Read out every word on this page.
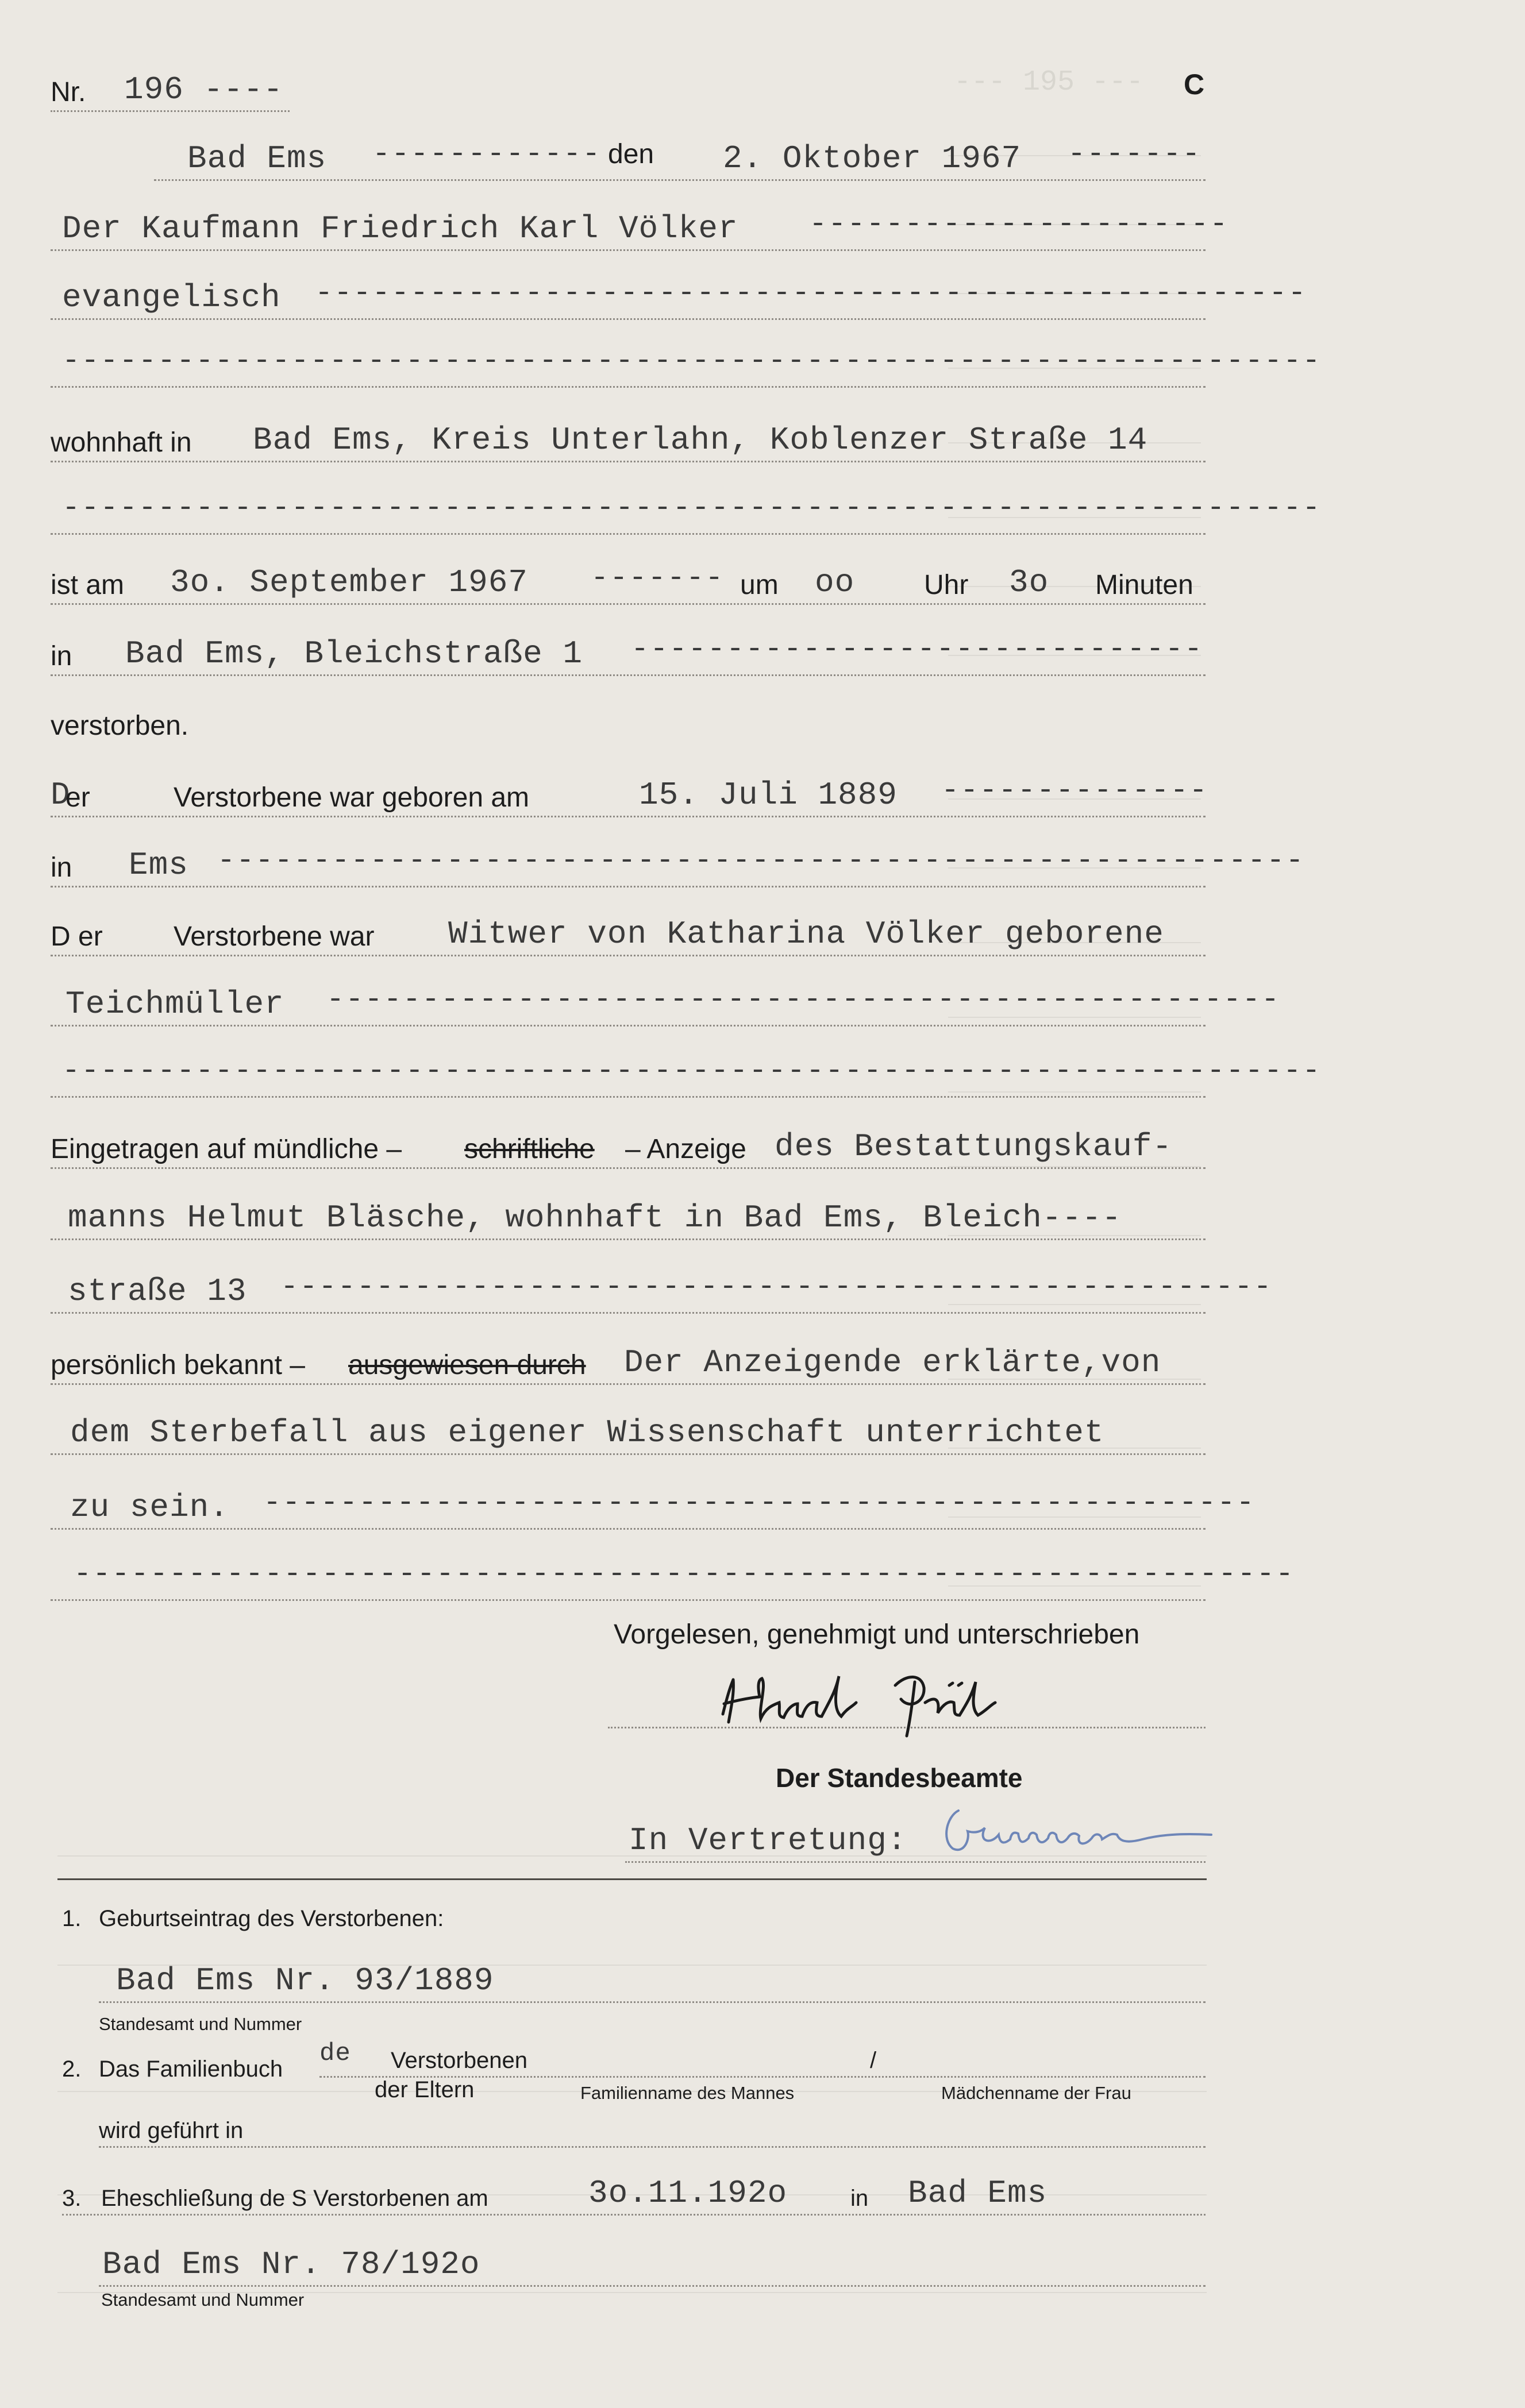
--- 195 --- C
Nr. 196 ----
Bad Ems ------------ den 2. Oktober 1967 -------
Der Kaufmann Friedrich Karl Völker ----------------------
evangelisch ----------------------------------------------------
------------------------------------------------------------------
wohnhaft in Bad Ems, Kreis Unterlahn, Koblenzer Straße 14
------------------------------------------------------------------
ist am 3o. September 1967 ------- um oo	Uhr 3o Minuten
in Bad Ems, Bleichstraße 1 ------------------------------
verstorben.
D
er	Verstorbene war geboren am	15. Juli 1889 --------------
in Ems ---------------------------------------------------------
D er	Verstorbene war Witwer von Katharina Völker geborene
Teichmüller --------------------------------------------------
------------------------------------------------------------------
Eingetragen auf mündliche – schriftliche – Anzeige des Bestattungskauf-
manns Helmut Bläsche, wohnhaft in Bad Ems, Bleich----
straße 13 ----------------------------------------------------
persönlich bekannt – ausgewiesen durch Der Anzeigende erklärte,von
dem Sterbefall aus eigener Wissenschaft unterrichtet
zu sein. ----------------------------------------------------
----------------------------------------------------------------
Vorgelesen, genehmigt und unterschrieben
Helmut Bläsche
Der Standesbeamte
In Vertretung:
Gemmer
1. Geburtseintrag des Verstorbenen:
Bad Ems Nr. 93/1889
Standesamt und Nummer
2. Das Familienbuch
de Verstorbenen	/
der Eltern	Familienname des Mannes	Mädchenname der Frau
wird geführt in
3. Eheschließung de S Verstorbenen am	3o.11.192o	in Bad Ems
Bad Ems Nr. 78/192o
Standesamt und Nummer
